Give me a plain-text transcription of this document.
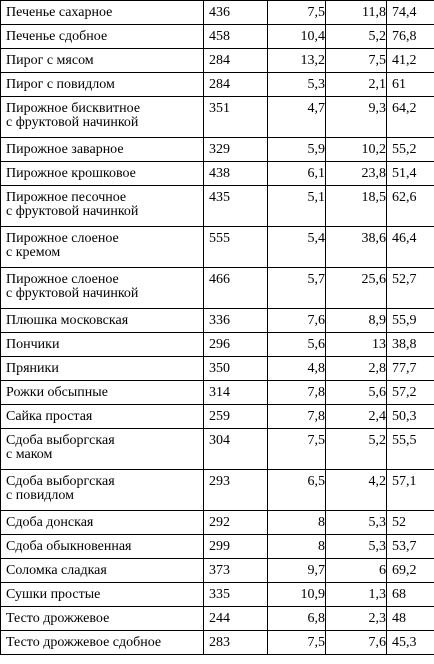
Печенье сахарное	436	7,5	11,8	74,4
Печенье сдобное	458	10,4	5,2	76,8
Пирог с мясом	284	13,2	7,5	41,2
Пирог с повидлом	284	5,3	2,1	61
Пирожное бисквитное
с фруктовой начинкой	351	4,7	9,3	64,2
Пирожное заварное	329	5,9	10,2	55,2
Пирожное крошковое	438	6,1	23,8	51,4
Пирожное песочное
с фруктовой начинкой	435	5,1	18,5	62,6
Пирожное слоеное
с кремом	555	5,4	38,6	46,4
Пирожное слоеное
с фруктовой начинкой	466	5,7	25,6	52,7
Плюшка московская	336	7,6	8,9	55,9
Пончики	296	5,6	13	38,8
Пряники	350	4,8	2,8	77,7
Рожки обсыпные	314	7,8	5,6	57,2
Сайка простая	259	7,8	2,4	50,3
Сдоба выборгская
с маком	304	7,5	5,2	55,5
Сдоба выборгская
с повидлом	293	6,5	4,2	57,1
Сдоба донская	292	8	5,3	52
Сдоба обыкновенная	299	8	5,3	53,7
Соломка сладкая	373	9,7	6	69,2
Сушки простые	335	10,9	1,3	68
Тесто дрожжевое	244	6,8	2,3	48
Тесто дрожжевое сдобное	283	7,5	7,6	45,3
